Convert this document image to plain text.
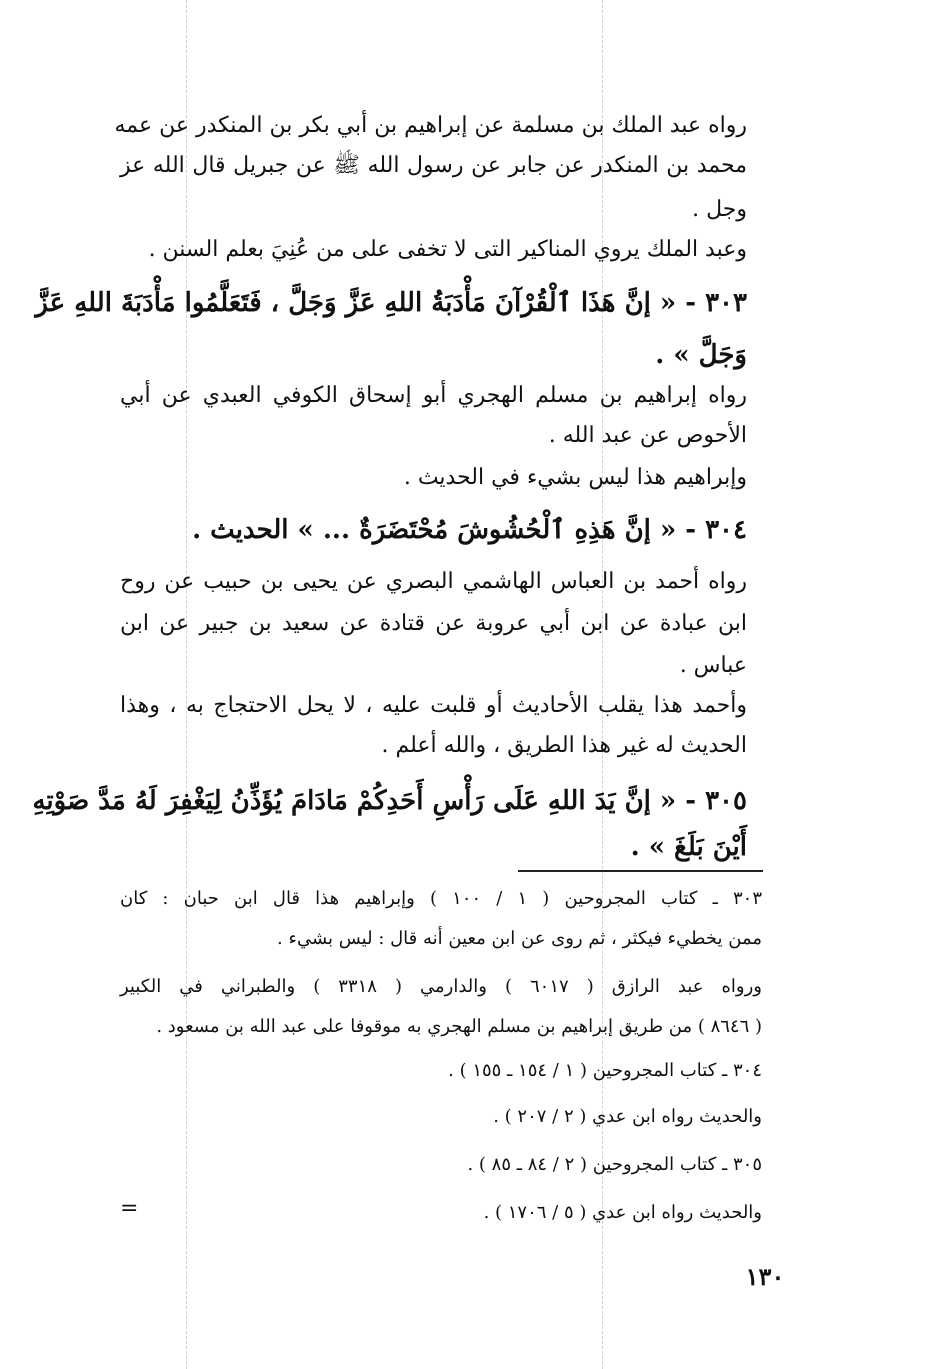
رواه عبد الملك بن مسلمة عن إبراهيم بن أبي بكر بن المنكدر عن عمه
محمد بن المنكدر عن جابر عن رسول الله ﷺ عن جبريل قال الله عز
وجل .
وعبد الملك يروي المناكير التى لا تخفى على من عُنِيَ بعلم السنن .
٣٠٣ - « إنَّ هَذَا ٱلْقُرْآنَ مَأْدَبَةُ اللهِ عَزَّ وَجَلَّ ، فَتَعَلَّمُوا مَأْدَبَةَ اللهِ عَزَّ
وَجَلَّ » .
رواه إبراهيم بن مسلم الهجري أبو إسحاق الكوفي العبدي عن أبي
الأحوص عن عبد الله .
وإبراهيم هذا ليس بشيء في الحديث .
٣٠٤ - « إنَّ هَذِهِ ٱلْحُشُوشَ مُحْتَضَرَةٌ ... » الحديث .
رواه أحمد بن العباس الهاشمي البصري عن يحيى بن حبيب عن روح
ابن عبادة عن ابن أبي عروبة عن قتادة عن سعيد بن جبير عن ابن
عباس .
وأحمد هذا يقلب الأحاديث أو قلبت عليه ، لا يحل الاحتجاج به ، وهذا
الحديث له غير هذا الطريق ، والله أعلم .
٣٠٥ - « إنَّ يَدَ اللهِ عَلَى رَأْسِ أَحَدِكُمْ مَادَامَ يُؤَذِّنُ لِيَغْفِرَ لَهُ مَدَّ صَوْتِهِ
أَيْنَ بَلَغَ » .
٣٠٣ ـ كتاب المجروحين ( ١ / ١٠٠ ) وإبراهيم هذا قال ابن حبان : كان
ممن يخطيء فيكثر ، ثم روى عن ابن معين أنه قال : ليس بشيء .
ورواه عبد الرازق ( ٦٠١٧ ) والدارمي ( ٣٣١٨ ) والطبراني في الكبير
( ٨٦٤٦ ) من طريق إبراهيم بن مسلم الهجري به موقوفا على عبد الله بن مسعود .
٣٠٤ ـ كتاب المجروحين ( ١ / ١٥٤ ـ ١٥٥ ) .
والحديث رواه ابن عدي ( ٢ / ٢٠٧ ) .
٣٠٥ ـ كتاب المجروحين ( ٢ / ٨٤ ـ ٨٥ ) .
والحديث رواه ابن عدي ( ٥ / ١٧٠٦ ) .
=
١٣٠
